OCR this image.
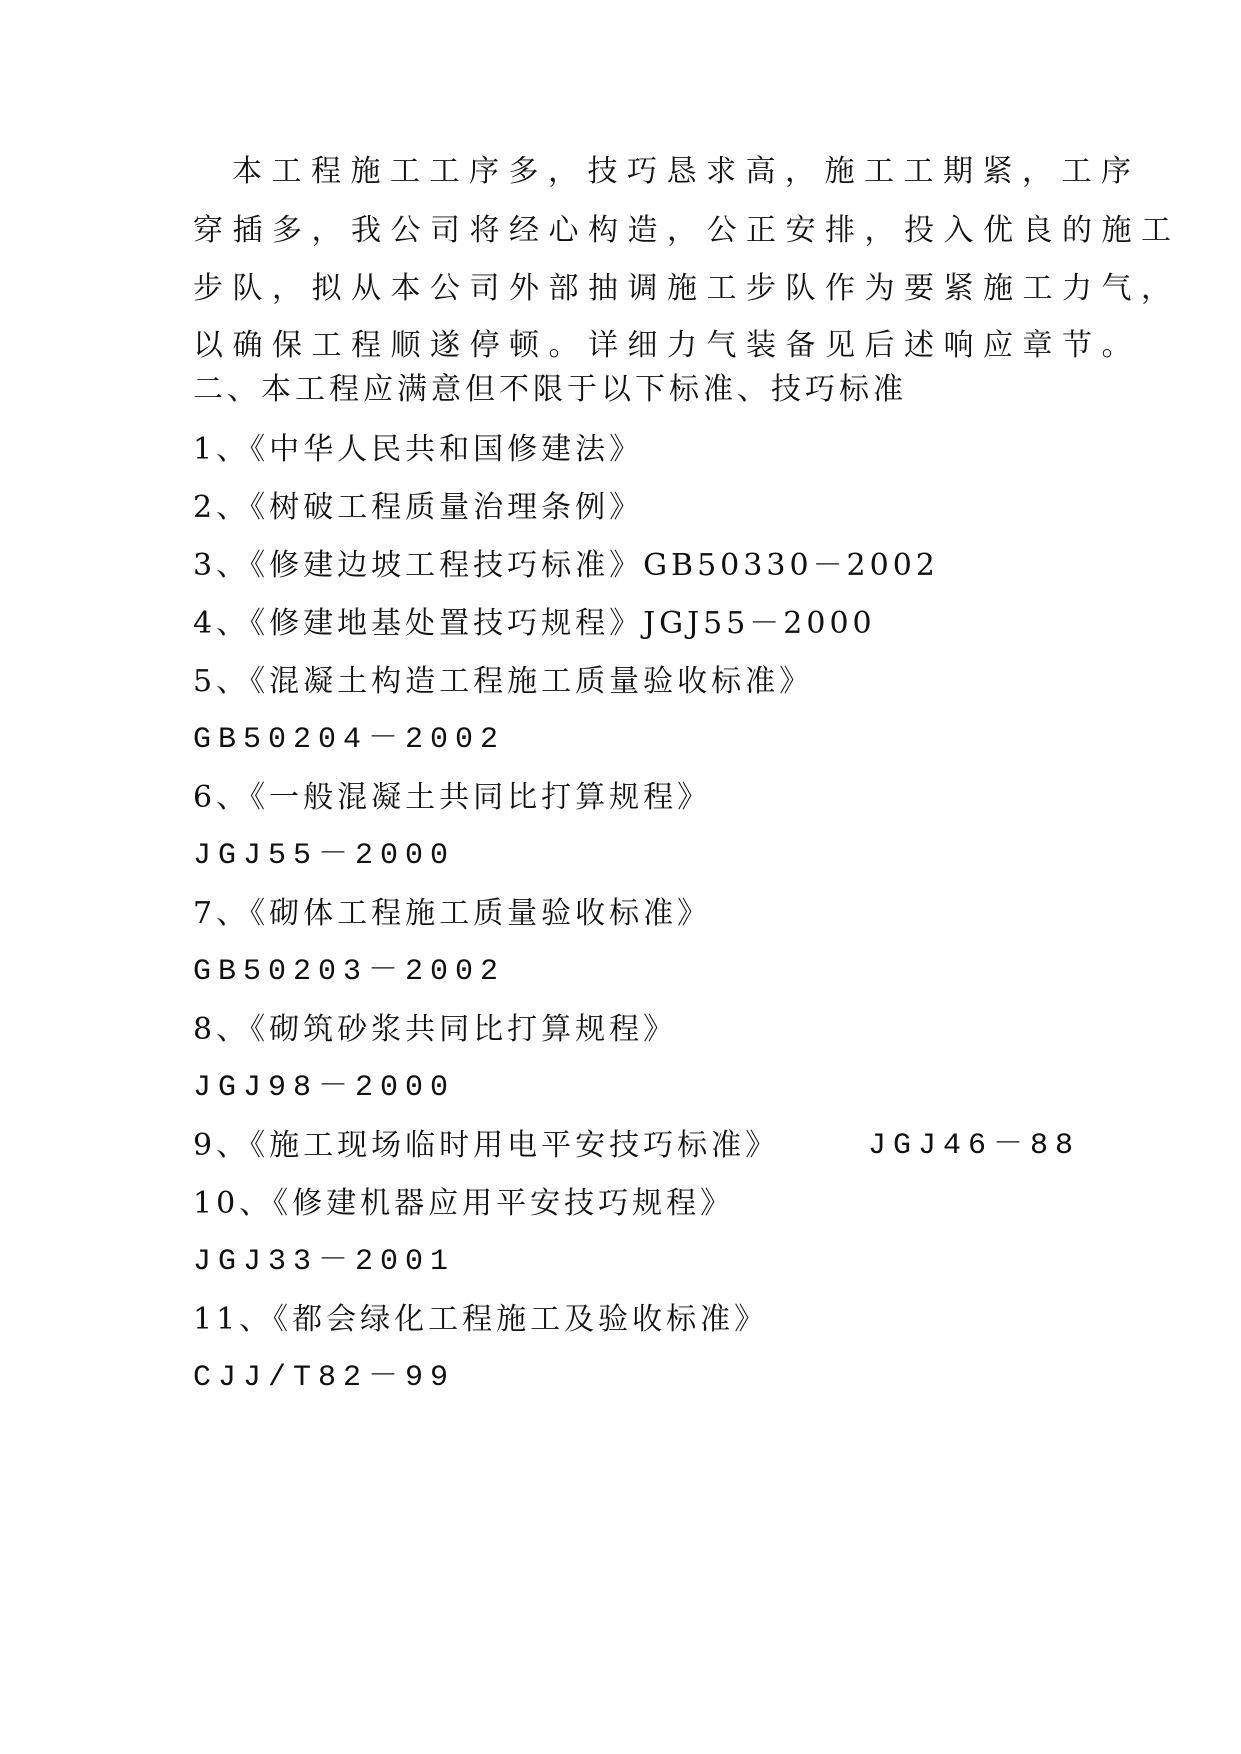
本工程施工工序多，技巧恳求高，施工工期紧，工序
穿插多，我公司将经心构造，公正安排，投入优良的施工
步队，拟从本公司外部抽调施工步队作为要紧施工力气，
以确保工程顺遂停顿。详细力气装备见后述响应章节。
二、本工程应满意但不限于以下标准、技巧标准
1、《中华人民共和国修建法》
2、《树破工程质量治理条例》
3、《修建边坡工程技巧标准》GB50330－2002
4、《修建地基处置技巧规程》JGJ55－2000
5、《混凝土构造工程施工质量验收标准》
GB50204－2002
6、《一般混凝土共同比打算规程》
JGJ55－2000
7、《砌体工程施工质量验收标准》
GB50203－2002
8、《砌筑砂浆共同比打算规程》
JGJ98－2000
9、《施工现场临时用电平安技巧标准》	JGJ46－88
10、《修建机器应用平安技巧规程》
JGJ33－2001
11、《都会绿化工程施工及验收标准》
CJJ/T82－99
